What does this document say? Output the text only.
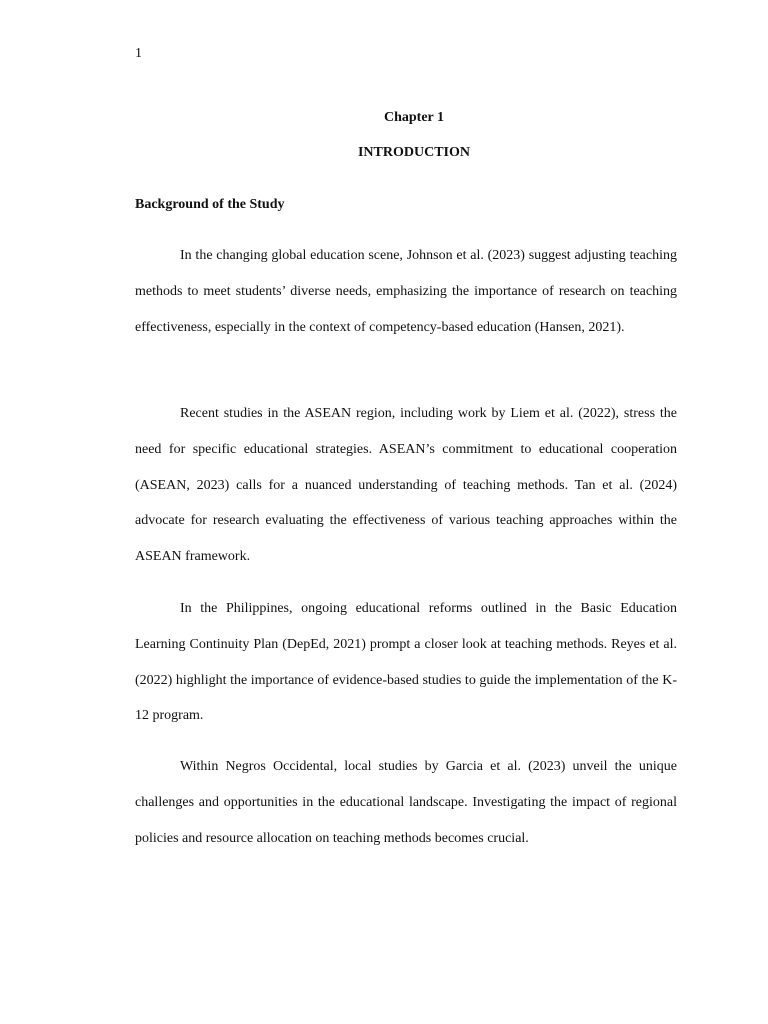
1
Chapter 1
INTRODUCTION
Background of the Study

In the changing global education scene, Johnson et al. (2023) suggest adjusting teaching methods to meet students’ diverse needs, emphasizing the importance of research on teaching effectiveness, especially in the context of competency-based education (Hansen, 2021).

Recent studies in the ASEAN region, including work by Liem et al. (2022), stress the need for specific educational strategies. ASEAN’s commitment to educational cooperation (ASEAN, 2023) calls for a nuanced understanding of teaching methods. Tan et al. (2024) advocate for research evaluating the effectiveness of various teaching approaches within the ASEAN framework.

In the Philippines, ongoing educational reforms outlined in the Basic Education Learning Continuity Plan (DepEd, 2021) prompt a closer look at teaching methods. Reyes et al. (2022) highlight the importance of evidence-based studies to guide the implementation of the K-12 program.

Within Negros Occidental, local studies by Garcia et al. (2023) unveil the unique challenges and opportunities in the educational landscape. Investigating the impact of regional policies and resource allocation on teaching methods becomes crucial.
